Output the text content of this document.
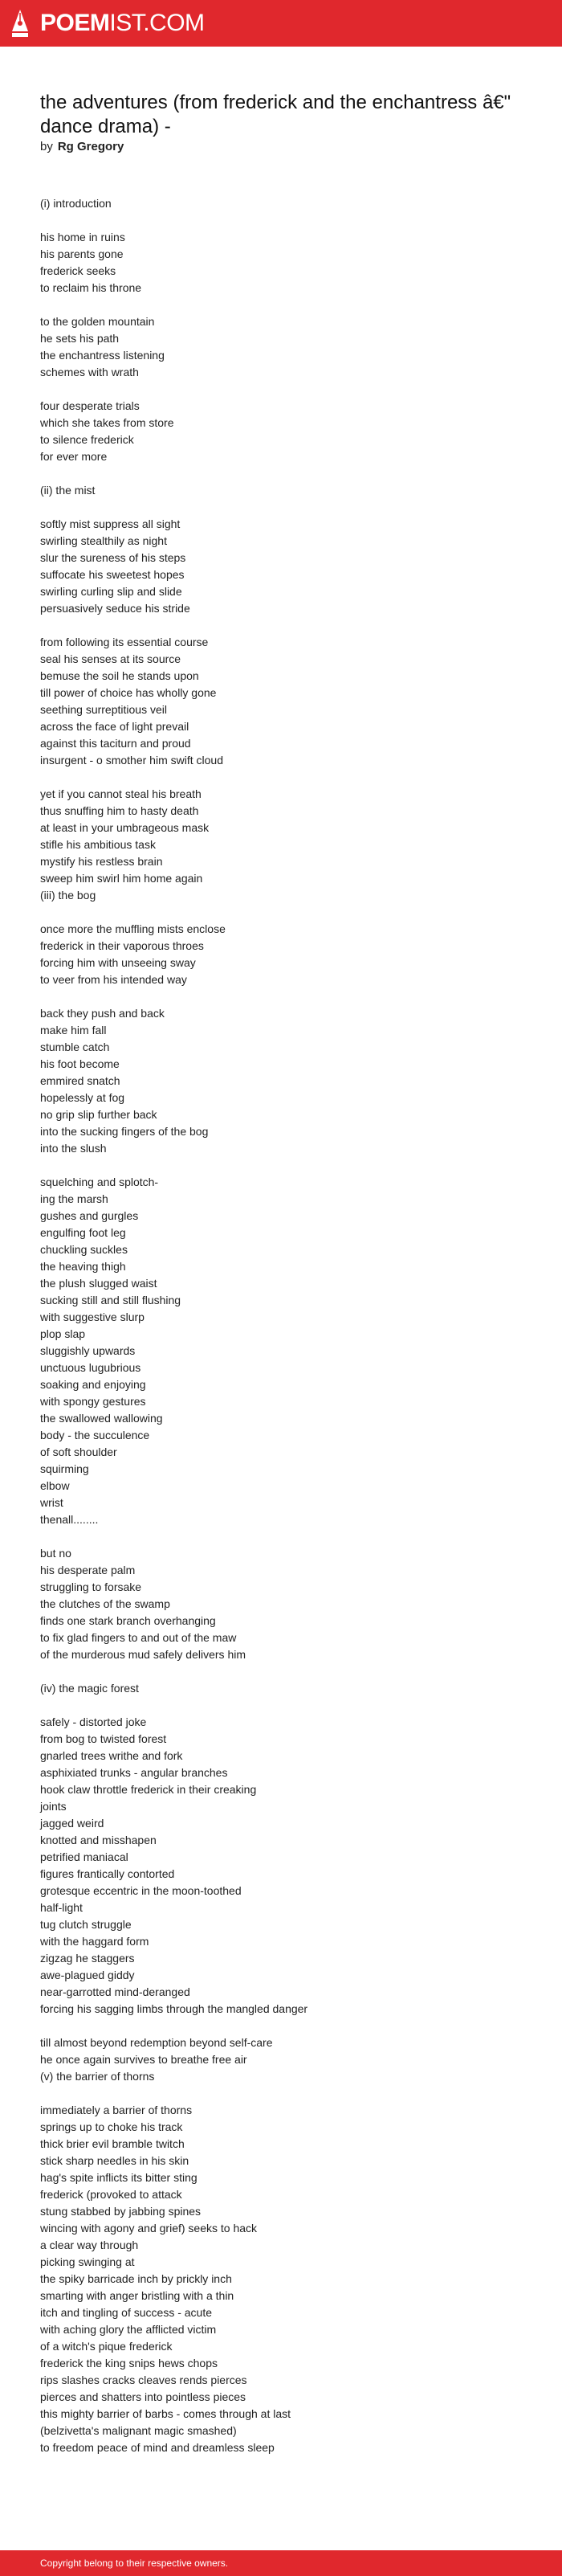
POEMIST.COM
the adventures (from frederick and the enchantress â€" dance drama) -
by Rg Gregory
(i) introduction

his home in ruins
his parents gone
frederick seeks
to reclaim his throne

to the golden mountain
he sets his path
the enchantress listening
schemes with wrath

four desperate trials
which she takes from store
to silence frederick
for ever more

(ii) the mist

softly mist suppress all sight
swirling stealthily as night
slur the sureness of his steps
suffocate his sweetest hopes
swirling curling slip and slide
persuasively seduce his stride

from following its essential course
seal his senses at its source
bemuse the soil he stands upon
till power of choice has wholly gone
seething surreptitious veil
across the face of light prevail
against this taciturn and proud
insurgent - o smother him swift cloud

yet if you cannot steal his breath
thus snuffing him to hasty death
at least in your umbrageous mask
stifle his ambitious task
mystify his restless brain
sweep him swirl him home again
(iii) the bog

once more the muffling mists enclose
frederick in their vaporous throes
forcing him with unseeing sway
to veer from his intended way

back they push and back
make him fall
stumble catch
his foot become
emmired snatch
hopelessly at fog
no grip slip further back
into the sucking fingers of the bog
into the slush

squelching and splotch-
ing the marsh
gushes and gurgles
engulfing foot leg
chuckling suckles
the heaving thigh
the plush slugged waist
sucking still and still flushing
with suggestive slurp
plop slap
sluggishly upwards
unctuous lugubrious
soaking and enjoying
with spongy gestures
the swallowed wallowing
body - the succulence
of soft shoulder
squirming
elbow
wrist
thenall........

but no
his desperate palm
struggling to forsake
the clutches of the swamp
finds one stark branch overhanging
to fix glad fingers to and out of the maw
of the murderous mud safely delivers him

(iv) the magic forest

safely - distorted joke
from bog to twisted forest
gnarled trees writhe and fork
asphixiated trunks - angular branches
hook claw throttle frederick in their creaking
joints
jagged weird
knotted and misshapen
petrified maniacal
figures frantically contorted
grotesque eccentric in the moon-toothed
half-light
tug clutch struggle
with the haggard form
zigzag he staggers
awe-plagued giddy
near-garrotted mind-deranged
forcing his sagging limbs through the mangled danger

till almost beyond redemption beyond self-care
he once again survives to breathe free air
(v) the barrier of thorns

immediately a barrier of thorns
springs up to choke his track
thick brier evil bramble twitch
stick sharp needles in his skin
hag's spite inflicts its bitter sting
frederick (provoked to attack
stung stabbed by jabbing spines
wincing with agony and grief) seeks to hack
a clear way through
picking swinging at
the spiky barricade inch by prickly inch
smarting with anger bristling with a thin
itch and tingling of success - acute
with aching glory the afflicted victim
of a witch's pique frederick
frederick the king snips hews chops
rips slashes cracks cleaves rends pierces
pierces and shatters into pointless pieces
this mighty barrier of barbs - comes through at last
(belzivetta's malignant magic smashed)
to freedom peace of mind and dreamless sleep
Copyright belong to their respective owners.
